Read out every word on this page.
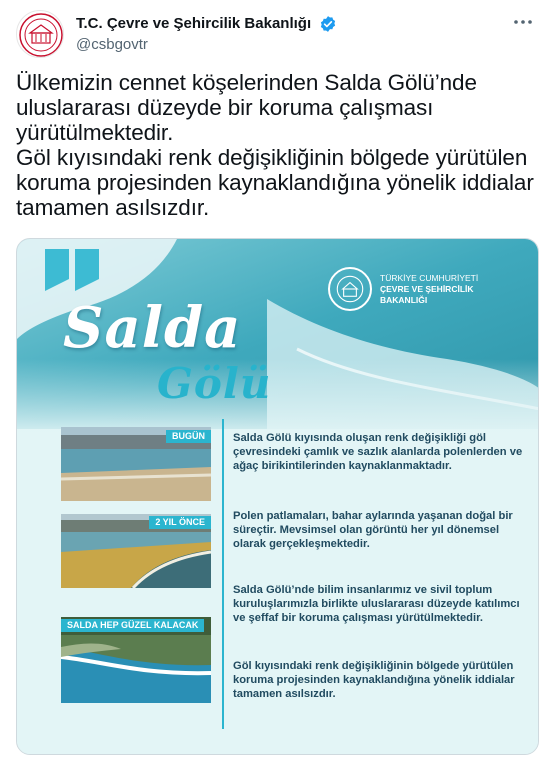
T.C. Çevre ve Şehircilik Bakanlığı
@csbgovtr
Ülkemizin cennet köşelerinden Salda Gölü’nde uluslararası düzeyde bir koruma çalışması yürütülmektedir.
Göl kıyısındaki renk değişikliğinin bölgede yürütülen koruma projesinden kaynaklandığına yönelik iddialar tamamen asılsızdır.
TÜRKİYE CUMHURİYETİ
ÇEVRE VE ŞEHİRCİLİK
BAKANLIĞI
Salda
Gölü
BUGÜN
2 YIL ÖNCE
SALDA HEP GÜZEL KALACAK
Salda Gölü kıyısında oluşan renk değişikliği göl çevresindeki çamlık ve sazlık alanlarda polenlerden ve ağaç birikintilerinden kaynaklanmaktadır.
Polen patlamaları, bahar aylarında yaşanan doğal bir süreçtir. Mevsimsel olan görüntü her yıl dönemsel olarak gerçekleşmektedir.
Salda Gölü’nde bilim insanlarımız ve sivil toplum kuruluşlarımızla birlikte uluslararası düzeyde katılımcı ve şeffaf bir koruma çalışması yürütülmektedir.
Göl kıyısındaki renk değişikliğinin bölgede yürütülen koruma projesinden kaynaklandığına yönelik iddialar tamamen asılsızdır.
